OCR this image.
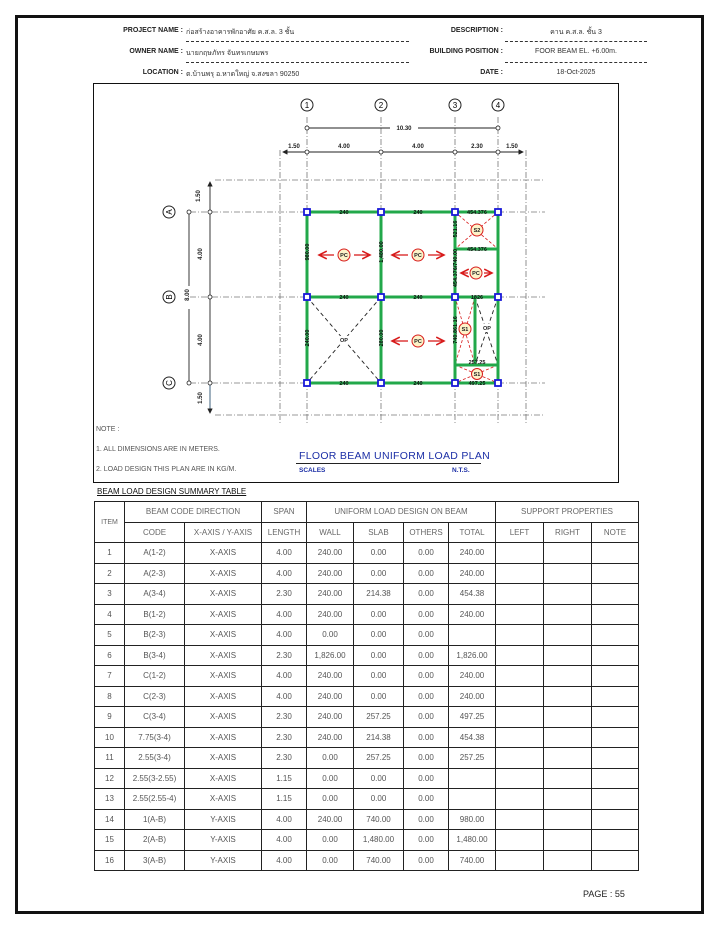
PROJECT NAME : ก่อสร้างอาคารพักอาศัย ค.ส.ล. 3 ชั้น
OWNER NAME : นายกฤษภัทร จันทรเกษมพร
LOCATION : ต.บ้านพรุ อ.หาดใหญ่ จ.สงขลา 90250
DESCRIPTION :	คาน ค.ส.ล. ชั้น 3
BUILDING POSITION :	FOOR BEAM EL. +6.00m.
DATE :	18-Oct-2025
1	2	3	4
10.30
1.50	4.00	4.00	2.30	1.50
A
B
C
8.00
1.50
4.00
4.00
1.50
PC	PC
PC
PC
S2
S1
S1
OP
OP
240	240	454.376
454.376
240	240	1826
257.25
240	240	497.25
980.00	1,480.00	454.376/740.00
521.16
240.00	280.00	740.861.16
NOTE :
1. ALL DIMENSIONS ARE IN METERS.
2. LOAD DESIGN THIS PLAN ARE IN KG/M.
FLOOR BEAM UNIFORM LOAD PLAN
SCALES	N.T.S.
BEAM LOAD DESIGN SUMMARY TABLE
ITEM	BEAM CODE DIRECTION		SPAN	UNIFORM LOAD DESIGN ON BEAM				SUPPORT PROPERTIES		
	CODE	X-AXIS / Y-AXIS	LENGTH	WALL	SLAB	OTHERS	TOTAL	LEFT	RIGHT	NOTE
1	A(1-2)	X-AXIS	4.00	240.00	0.00	0.00	240.00			
2	A(2-3)	X-AXIS	4.00	240.00	0.00	0.00	240.00			
3	A(3-4)	X-AXIS	2.30	240.00	214.38	0.00	454.38			
4	B(1-2)	X-AXIS	4.00	240.00	0.00	0.00	240.00			
5	B(2-3)	X-AXIS	4.00	0.00	0.00	0.00				
6	B(3-4)	X-AXIS	2.30	1,826.00	0.00	0.00	1,826.00			
7	C(1-2)	X-AXIS	4.00	240.00	0.00	0.00	240.00			
8	C(2-3)	X-AXIS	4.00	240.00	0.00	0.00	240.00			
9	C(3-4)	X-AXIS	2.30	240.00	257.25	0.00	497.25			
10	7.75(3-4)	X-AXIS	2.30	240.00	214.38	0.00	454.38			
11	2.55(3-4)	X-AXIS	2.30	0.00	257.25	0.00	257.25			
12	2.55(3-2.55)	X-AXIS	1.15	0.00	0.00	0.00				
13	2.55(2.55-4)	X-AXIS	1.15	0.00	0.00	0.00				
14	1(A-B)	Y-AXIS	4.00	240.00	740.00	0.00	980.00			
15	2(A-B)	Y-AXIS	4.00	0.00	1,480.00	0.00	1,480.00			
16	3(A-B)	Y-AXIS	4.00	0.00	740.00	0.00	740.00			
PAGE : 55
